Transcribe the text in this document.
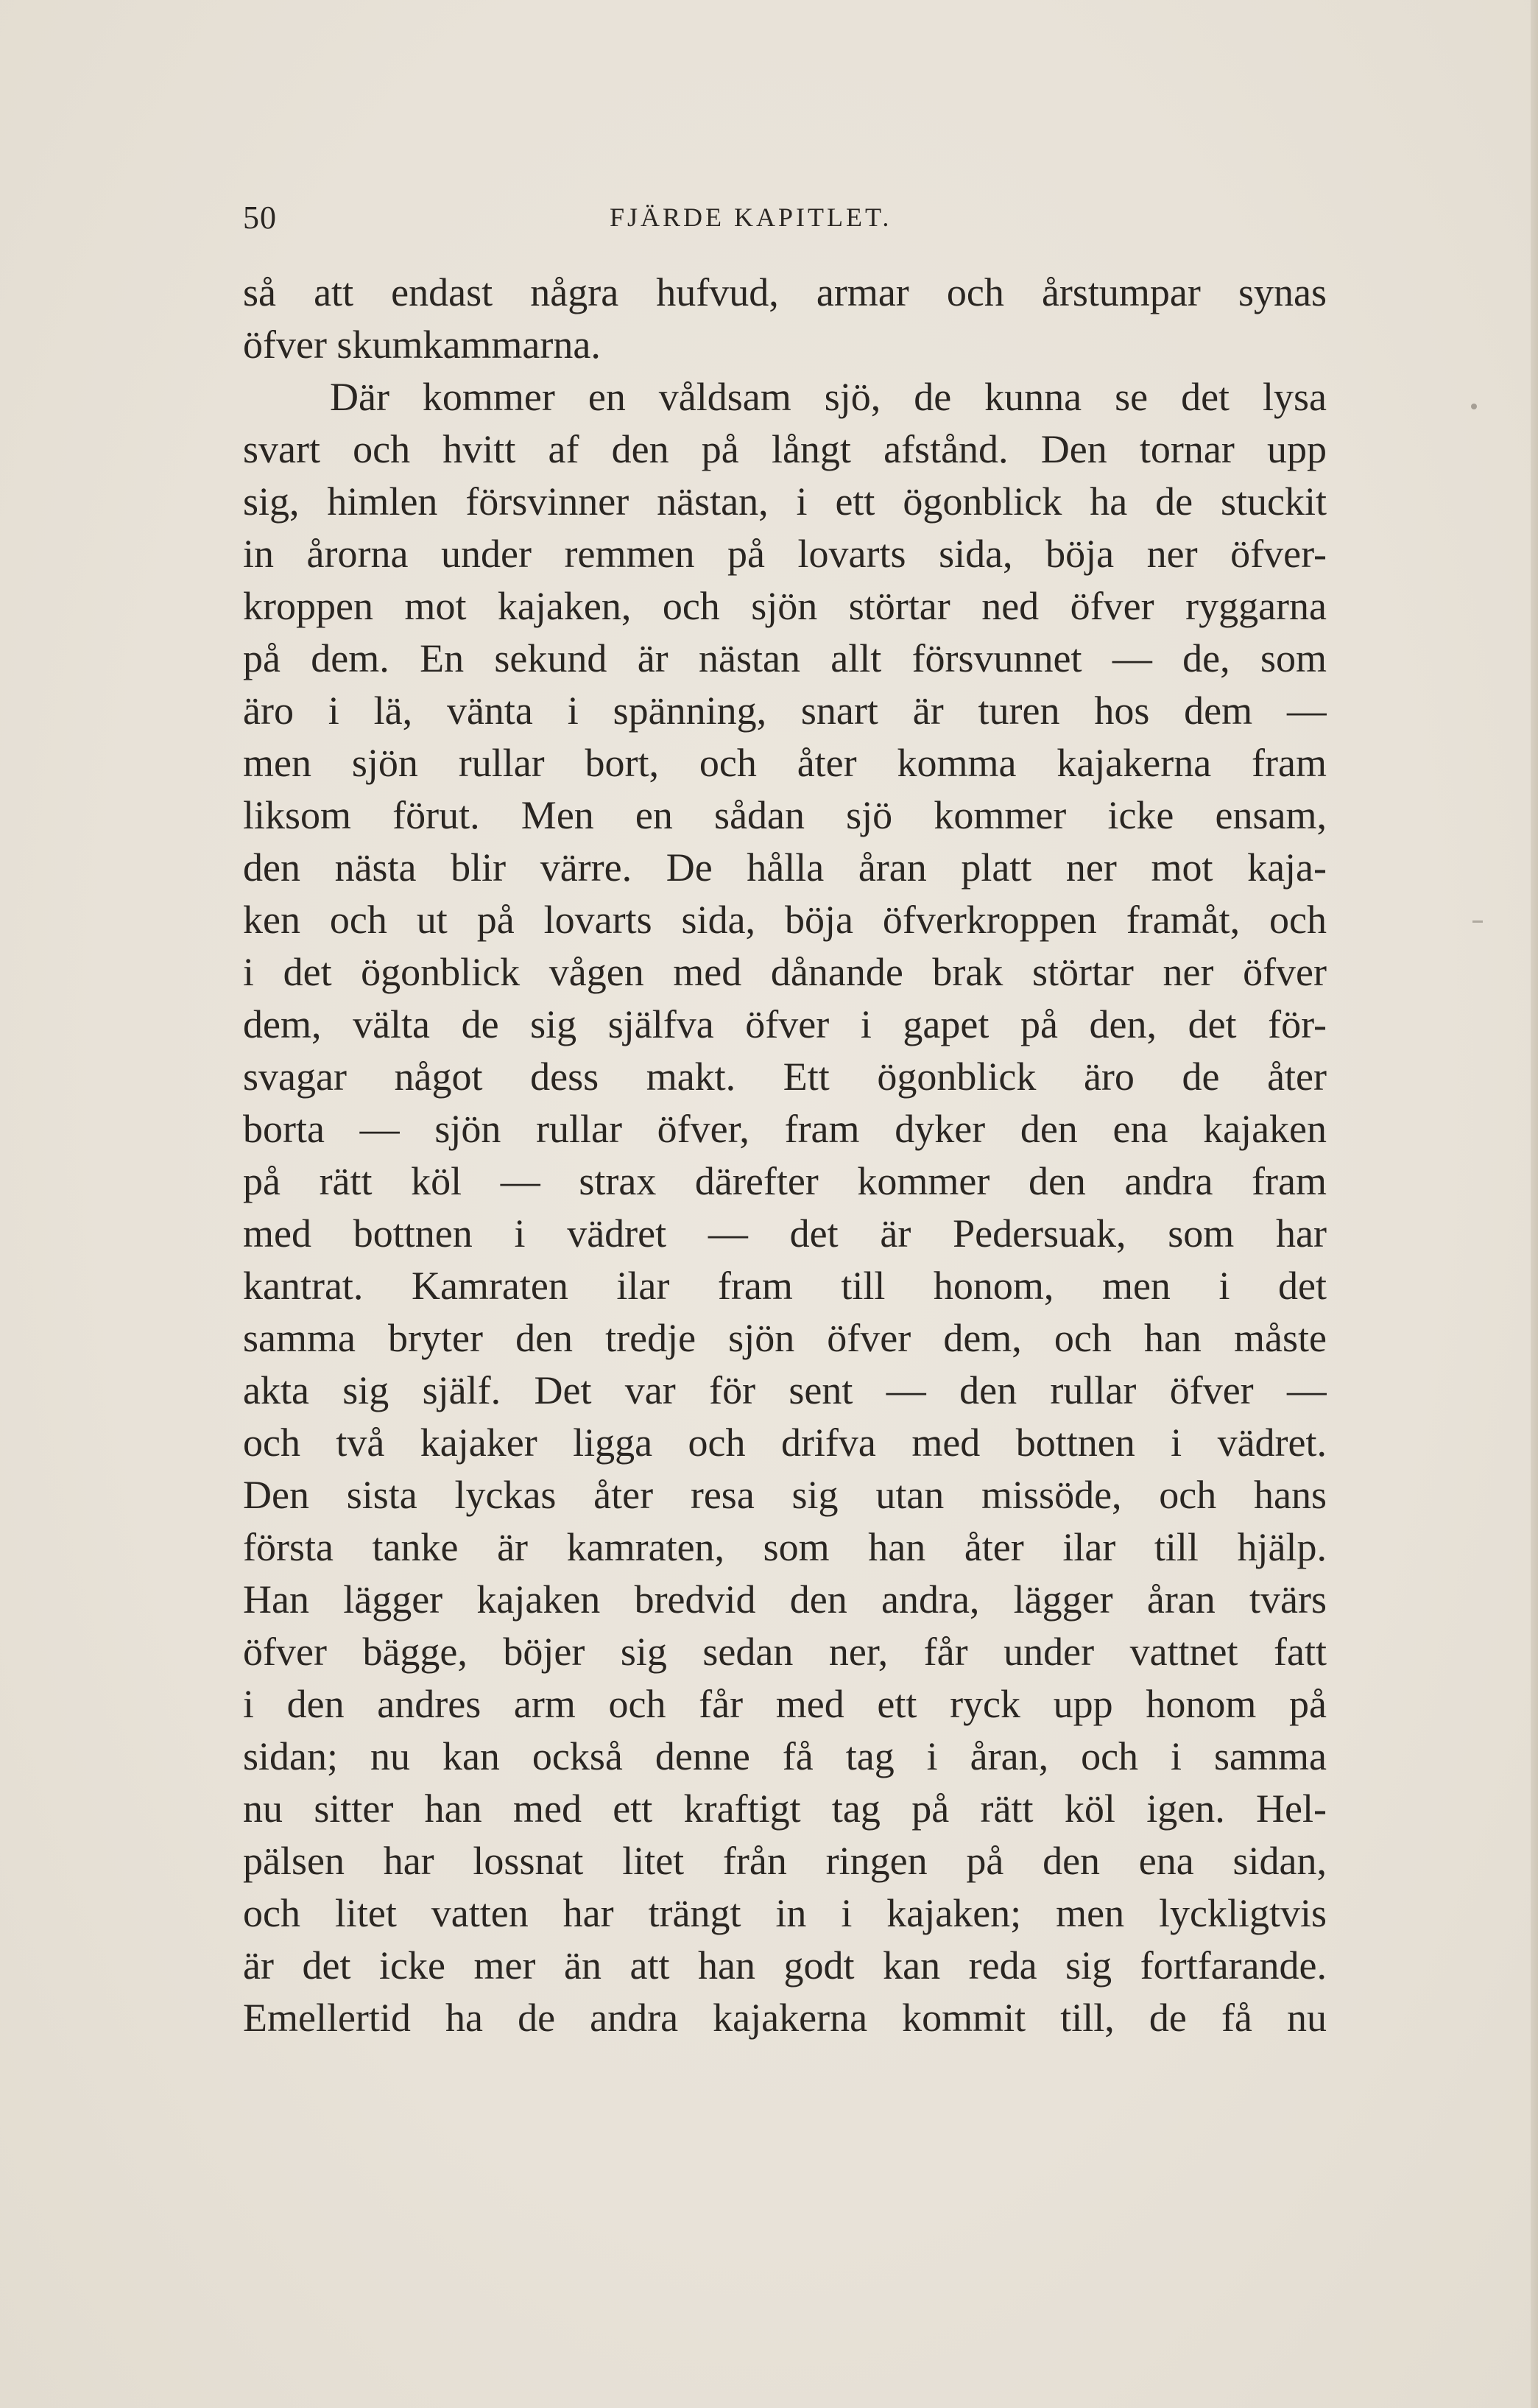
50	FJÄRDE KAPITLET.
så att endast några hufvud, armar och årstumpar synas
öfver skumkammarna.
Där kommer en våldsam sjö, de kunna se det lysa
svart och hvitt af den på långt afstånd. Den tornar upp
sig, himlen försvinner nästan, i ett ögonblick ha de stuckit
in årorna under remmen på lovarts sida, böja ner öfver-
kroppen mot kajaken, och sjön störtar ned öfver ryggarna
på dem. En sekund är nästan allt försvunnet — de, som
äro i lä, vänta i spänning, snart är turen hos dem —
men sjön rullar bort, och åter komma kajakerna fram
liksom förut. Men en sådan sjö kommer icke ensam,
den nästa blir värre. De hålla åran platt ner mot kaja-
ken och ut på lovarts sida, böja öfverkroppen framåt, och
i det ögonblick vågen med dånande brak störtar ner öfver
dem, välta de sig själfva öfver i gapet på den, det för-
svagar något dess makt. Ett ögonblick äro de åter
borta — sjön rullar öfver, fram dyker den ena kajaken
på rätt köl — strax därefter kommer den andra fram
med bottnen i vädret — det är Pedersuak, som har
kantrat. Kamraten ilar fram till honom, men i det
samma bryter den tredje sjön öfver dem, och han måste
akta sig själf. Det var för sent — den rullar öfver —
och två kajaker ligga och drifva med bottnen i vädret.
Den sista lyckas åter resa sig utan missöde, och hans
första tanke är kamraten, som han åter ilar till hjälp.
Han lägger kajaken bredvid den andra, lägger åran tvärs
öfver bägge, böjer sig sedan ner, får under vattnet fatt
i den andres arm och får med ett ryck upp honom på
sidan; nu kan också denne få tag i åran, och i samma
nu sitter han med ett kraftigt tag på rätt köl igen. Hel-
pälsen har lossnat litet från ringen på den ena sidan,
och litet vatten har trängt in i kajaken; men lyckligtvis
är det icke mer än att han godt kan reda sig fortfarande.
Emellertid ha de andra kajakerna kommit till, de få nu
